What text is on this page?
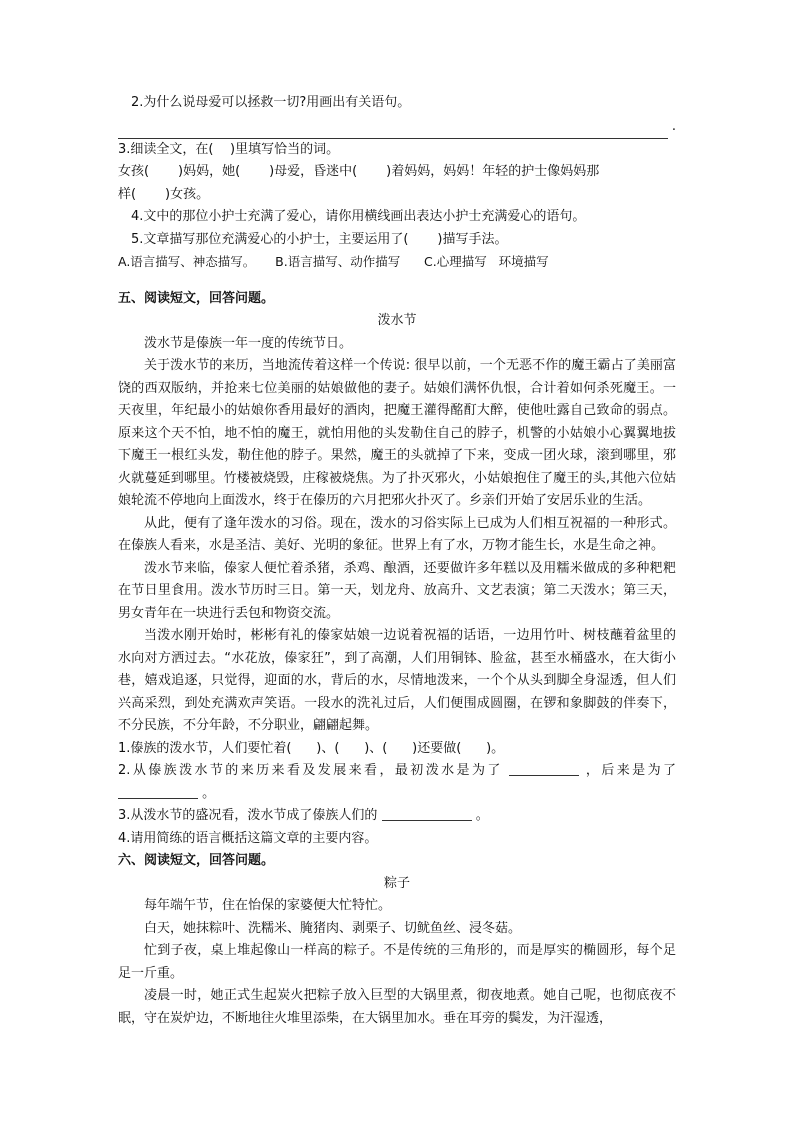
2.为什么说母爱可以拯救一切?用画出有关语句。
.
3.细读全文，在(    )里填写恰当的词。
女孩(       )妈妈，她(       )母爱，昏迷中(       )着妈妈，妈妈！年轻的护士像妈妈那
样(       )女孩。
4.文中的那位小护士充满了爱心，请你用横线画出表达小护士充满爱心的语句。
5.文章描写那位充满爱心的小护士，主要运用了(       )描写手法。
A.语言描写、神态描写。     B.语言描写、动作描写      C.心理描写   环境描写
五、阅读短文，回答问题。
泼水节
泼水节是傣族一年一度的传统节日。
关于泼水节的来历，当地流传着这样一个传说: 很早以前，一个无恶不作的魔王霸占了美丽富饶的西双版纳，并抢来七位美丽的姑娘做他的妻子。姑娘们满怀仇恨，合计着如何杀死魔王。一天夜里，年纪最小的姑娘你香用最好的酒肉，把魔王灌得酩酊大醉，使他吐露自己致命的弱点。原来这个天不怕，地不怕的魔王，就怕用他的头发勒住自己的脖子，机警的小姑娘小心翼翼地拔下魔王一根红头发，勒住他的脖子。果然，魔王的头就掉了下来，变成一团火球，滚到哪里，邪火就蔓延到哪里。竹楼被烧毁，庄稼被烧焦。为了扑灭邪火，小姑娘抱住了魔王的头,其他六位姑娘轮流不停地向上面泼水，终于在傣历的六月把邪火扑灭了。乡亲们开始了安居乐业的生活。
从此，便有了逢年泼水的习俗。现在，泼水的习俗实际上已成为人们相互祝福的一种形式。在傣族人看来，水是圣洁、美好、光明的象征。世界上有了水，万物才能生长，水是生命之神。
泼水节来临，傣家人便忙着杀猪，杀鸡、酿酒，还要做许多年糕以及用糯米做成的多种粑粑在节日里食用。泼水节历时三日。第一天，划龙舟、放高升、文艺表演；第二天泼水；第三天，男女青年在一块进行丢包和物资交流。
当泼水刚开始时，彬彬有礼的傣家姑娘一边说着祝福的话语，一边用竹叶、树枝蘸着盆里的水向对方洒过去。“水花放，傣家狂”，到了高潮，人们用铜钵、脸盆，甚至水桶盛水，在大街小巷，嬉戏追逐，只觉得，迎面的水，背后的水，尽情地泼来，一个个从头到脚全身湿透，但人们兴高采烈，到处充满欢声笑语。一段水的洗礼过后，人们便围成圆圈，在锣和象脚鼓的伴奏下，不分民族，不分年龄，不分职业，翩翩起舞。
1.傣族的泼水节，人们要忙着(      )、(      )、(      )还要做(      )。
2.从傣族泼水节的来历来看及发展来看，最初泼水是为了	，后来是为了  。
3.从泼水节的盛况看，泼水节成了傣族人们的	。
4.请用简练的语言概括这篇文章的主要内容。
六、阅读短文，回答问题。
粽子
每年端午节，住在怡保的家婆便大忙特忙。
白天，她抹粽叶、洗糯米、腌猪肉、剥栗子、切鱿鱼丝、浸冬菇。
忙到子夜，桌上堆起像山一样高的粽子。不是传统的三角形的，而是厚实的椭圆形，每个足足一斤重。
凌晨一时，她正式生起炭火把粽子放入巨型的大锅里煮，彻夜地煮。她自己呢，也彻底夜不眠，守在炭炉边，不断地往火堆里添柴，在大锅里加水。垂在耳旁的鬓发，为汗湿透，
